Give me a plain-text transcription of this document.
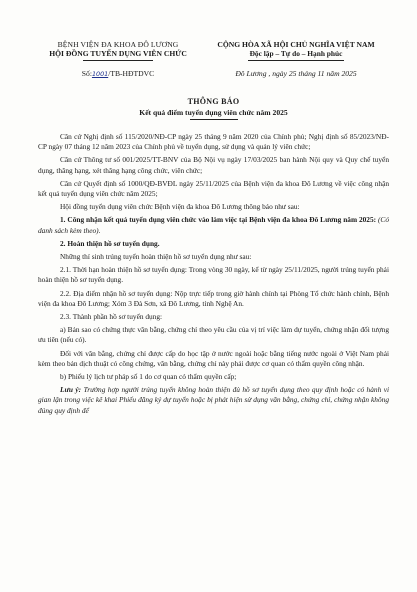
BỆNH VIỆN ĐA KHOA ĐÔ LƯƠNG
HỘI ĐỒNG TUYỂN DỤNG VIÊN CHỨC
CỘNG HÒA XÃ HỘI CHỦ NGHĨA VIỆT NAM
Độc lập – Tự do – Hạnh phúc
Số:1001/TB-HĐTDVC	Đô Lương , ngày 25 tháng 11 năm 2025
THÔNG BÁO
Kết quả điểm tuyển dụng viên chức năm 2025

Căn cứ Nghị định số 115/2020/NĐ-CP ngày 25 tháng 9 năm 2020 của Chính phủ; Nghị định số 85/2023/NĐ-CP ngày 07 tháng 12 năm 2023 của Chính phủ về tuyển dụng, sử dụng và quản lý viên chức;

Căn cứ Thông tư số 001/2025/TT-BNV của Bộ Nội vụ ngày 17/03/2025 ban hành Nội quy và Quy chế tuyển dụng, thăng hạng, xét thăng hạng công chức, viên chức;

Căn cứ Quyết định số 1000/QĐ-BVĐL ngày 25/11/2025 của Bệnh viện đa khoa Đô Lương về việc công nhận kết quả tuyển dụng viên chức năm 2025;

Hội đồng tuyển dụng viên chức Bệnh viện đa khoa Đô Lương thông báo như sau:

1. Công nhận kết quả tuyển dụng viên chức vào làm việc tại Bệnh viện đa khoa Đô Lương năm 2025: (Có danh sách kèm theo).

2. Hoàn thiện hồ sơ tuyển dụng.

Những thí sinh trúng tuyển hoàn thiện hồ sơ tuyển dụng như sau:

2.1. Thời hạn hoàn thiện hồ sơ tuyển dụng: Trong vòng 30 ngày, kể từ ngày 25/11/2025, người trúng tuyển phải hoàn thiện hồ sơ tuyển dụng.

2.2. Địa điểm nhận hồ sơ tuyển dụng: Nộp trực tiếp trong giờ hành chính tại Phòng Tổ chức hành chính, Bệnh viện đa khoa Đô Lương; Xóm 3 Đà Sơn, xã Đô Lương, tỉnh Nghệ An.

2.3. Thành phần hồ sơ tuyển dụng:

a) Bản sao có chứng thực văn bằng, chứng chỉ theo yêu cầu của vị trí việc làm dự tuyển, chứng nhận đối tượng ưu tiên (nếu có).

Đối với văn bằng, chứng chỉ được cấp do học tập ở nước ngoài hoặc bằng tiếng nước ngoài ở Việt Nam phải kèm theo bản dịch thuật có công chứng, văn bằng, chứng chỉ này phải được cơ quan có thẩm quyền công nhận.

b) Phiếu lý lịch tư pháp số 1 do cơ quan có thẩm quyền cấp;

Lưu ý: Trường hợp người trúng tuyển không hoàn thiện đủ hồ sơ tuyển dụng theo quy định hoặc có hành vi gian lận trong việc kê khai Phiếu đăng ký dự tuyển hoặc bị phát hiện sử dụng văn bằng, chứng chỉ, chứng nhận không đúng quy định để
